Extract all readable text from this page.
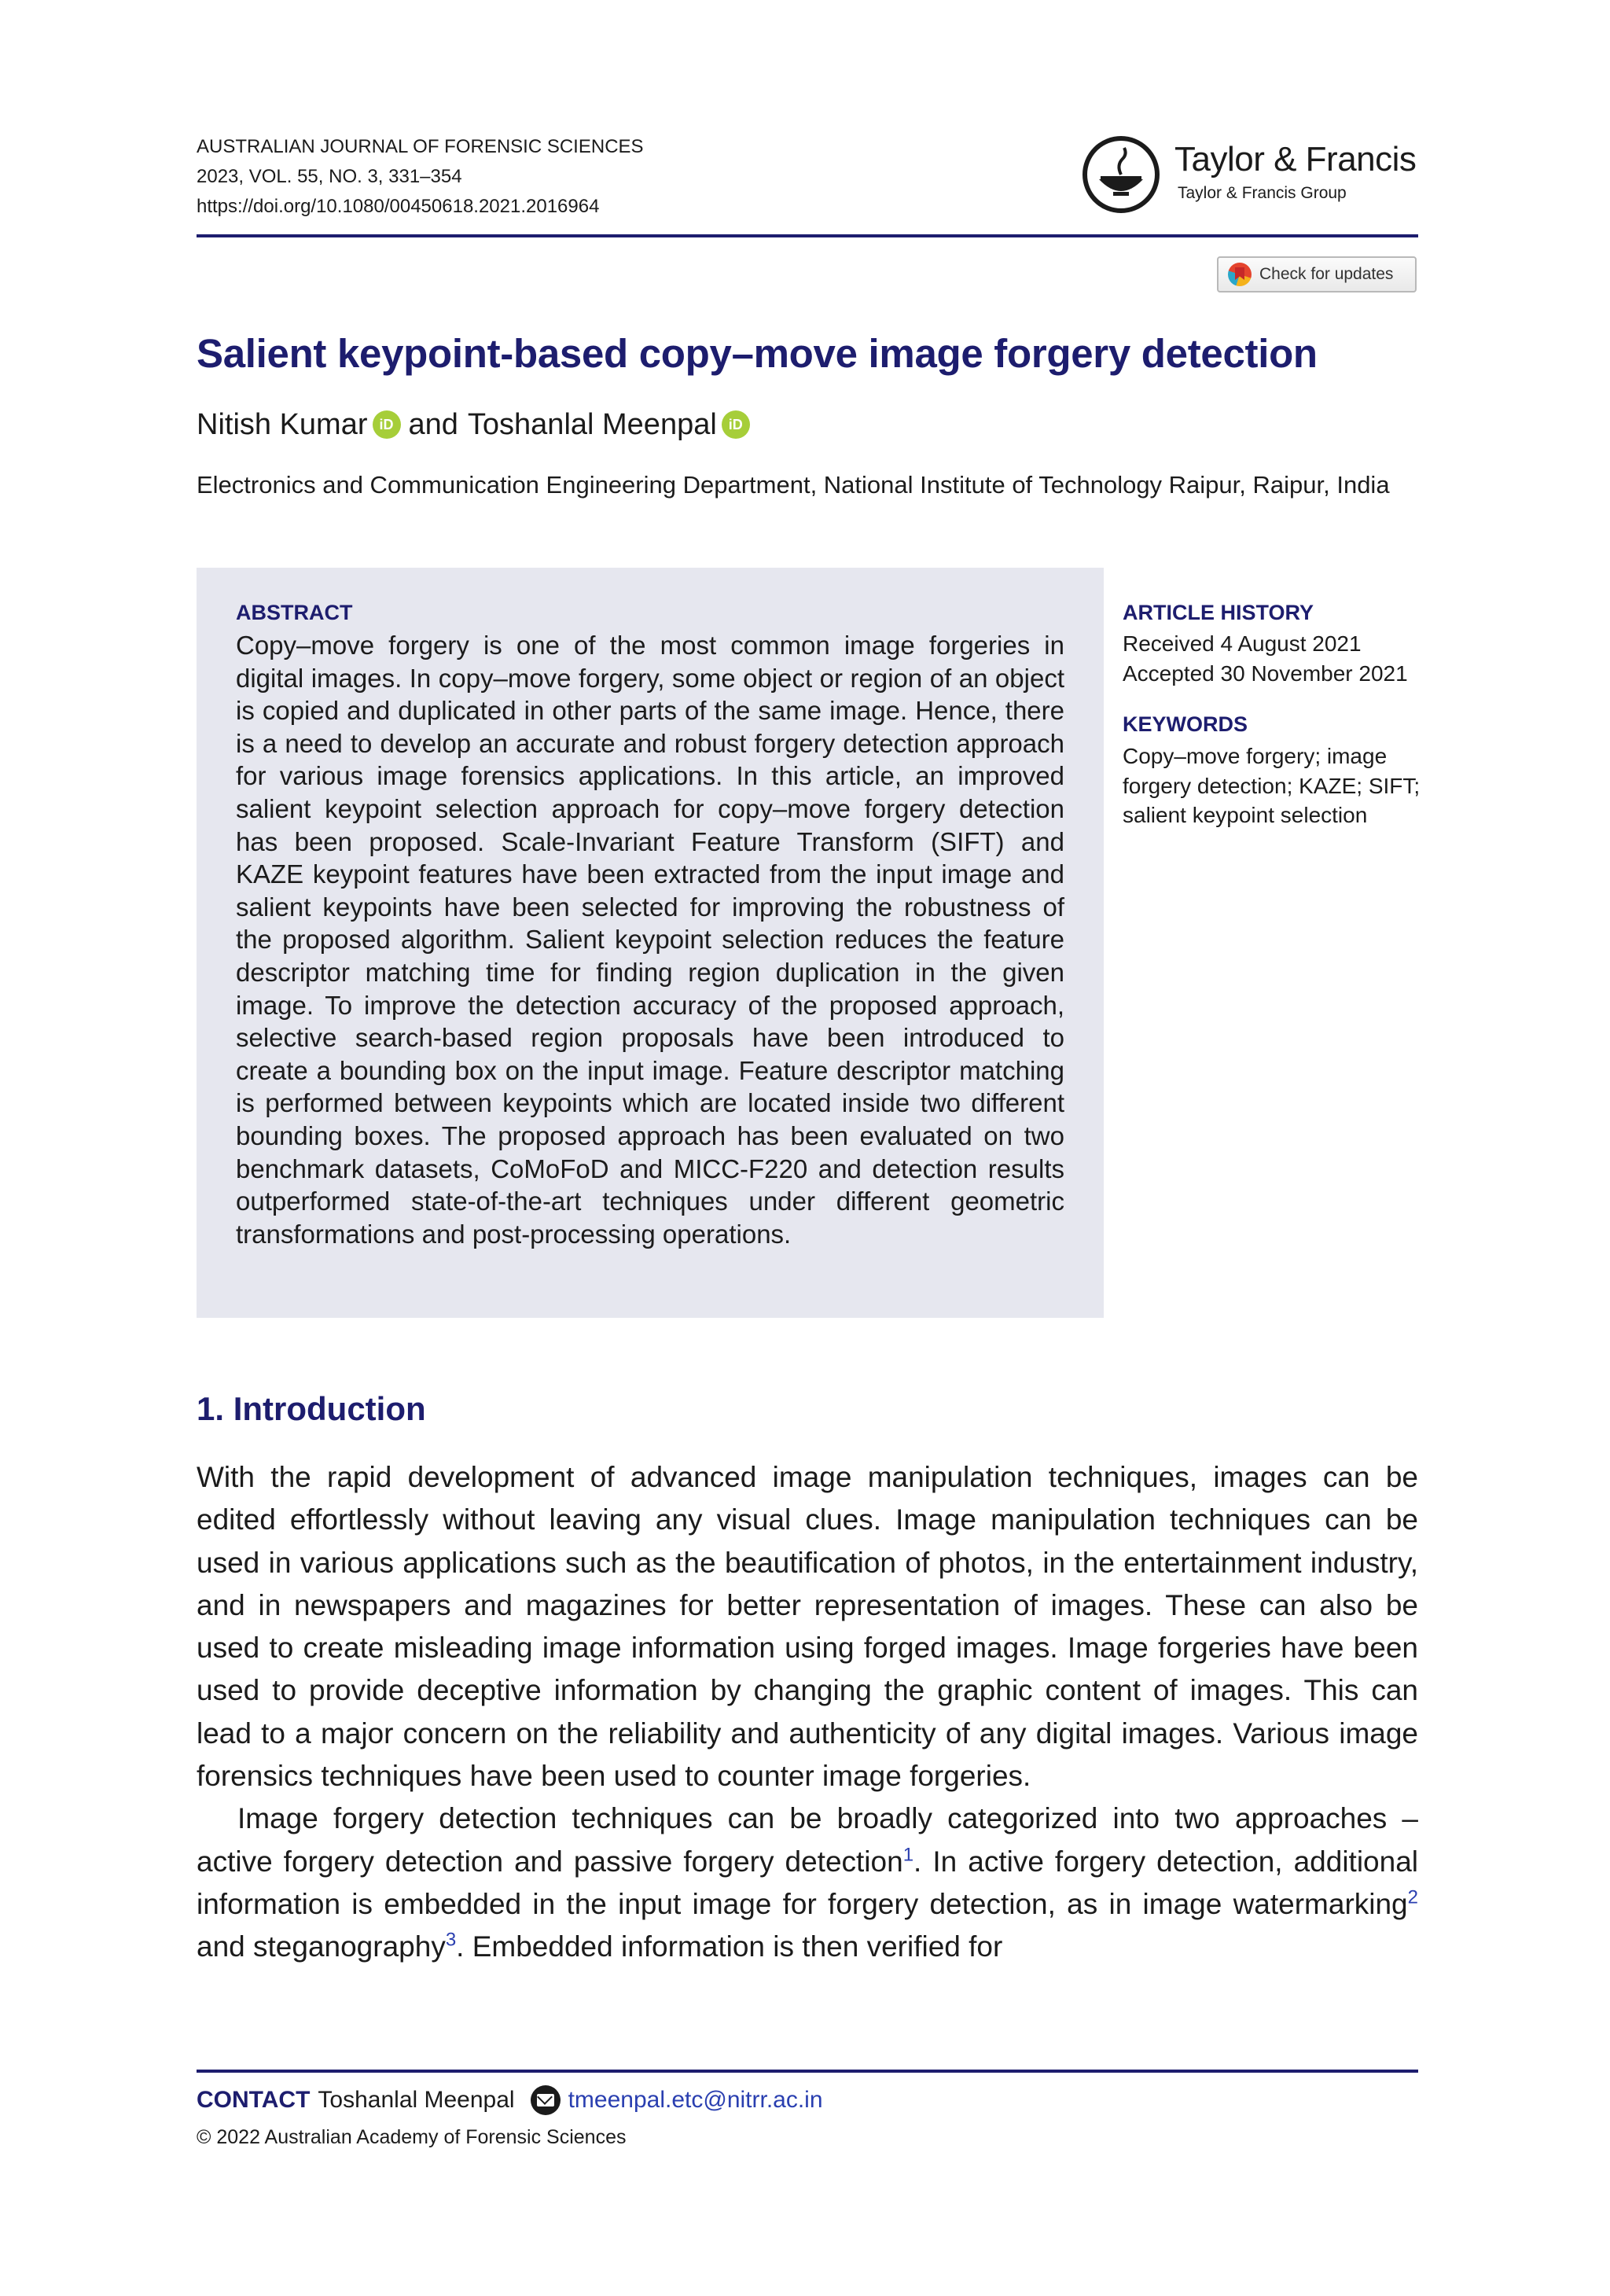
AUSTRALIAN JOURNAL OF FORENSIC SCIENCES
2023, VOL. 55, NO. 3, 331–354
https://doi.org/10.1080/00450618.2021.2016964
Taylor & Francis
Taylor & Francis Group
Check for updates
Salient keypoint-based copy–move image forgery detection
Nitish Kumar iD and Toshanlal Meenpal iD
Electronics and Communication Engineering Department, National Institute of Technology Raipur, Raipur, India
ABSTRACT
Copy–move forgery is one of the most common image forgeries in digital images. In copy–move forgery, some object or region of an object is copied and duplicated in other parts of the same image. Hence, there is a need to develop an accurate and robust forgery detection approach for various image forensics applications. In this article, an improved salient keypoint selection approach for copy–move forgery detection has been proposed. Scale-Invariant Feature Transform (SIFT) and KAZE keypoint features have been extracted from the input image and salient keypoints have been selected for improving the robustness of the proposed algorithm. Salient keypoint selection reduces the feature descriptor matching time for finding region duplication in the given image. To improve the detection accuracy of the proposed approach, selective search-based region proposals have been introduced to create a bounding box on the input image. Feature descriptor matching is performed between keypoints which are located inside two different bounding boxes. The proposed approach has been evaluated on two benchmark datasets, CoMoFoD and MICC-F220 and detection results outperformed state-of-the-art techniques under different geometric transformations and post-processing operations.
ARTICLE HISTORY
Received 4 August 2021
Accepted 30 November 2021
KEYWORDS
Copy–move forgery; image forgery detection; KAZE; SIFT; salient keypoint selection
1. Introduction

With the rapid development of advanced image manipulation techniques, images can be edited effortlessly without leaving any visual clues. Image manipulation techniques can be used in various applications such as the beautification of photos, in the entertainment industry, and in newspapers and magazines for better representation of images. These can also be used to create misleading image information using forged images. Image forgeries have been used to provide deceptive information by changing the graphic content of images. This can lead to a major concern on the reliability and authenticity of any digital images. Various image forensics techniques have been used to counter image forgeries.

Image forgery detection techniques can be broadly categorized into two approaches – active forgery detection and passive forgery detection$^1$. In active forgery detection, additional information is embedded in the input image for forgery detection, as in image watermarking$^2$ and steganography$^3$. Embedded information is then verified for

CONTACT Toshanlal Meenpal tmeenpal.etc@nitrr.ac.in
© 2022 Australian Academy of Forensic Sciences
